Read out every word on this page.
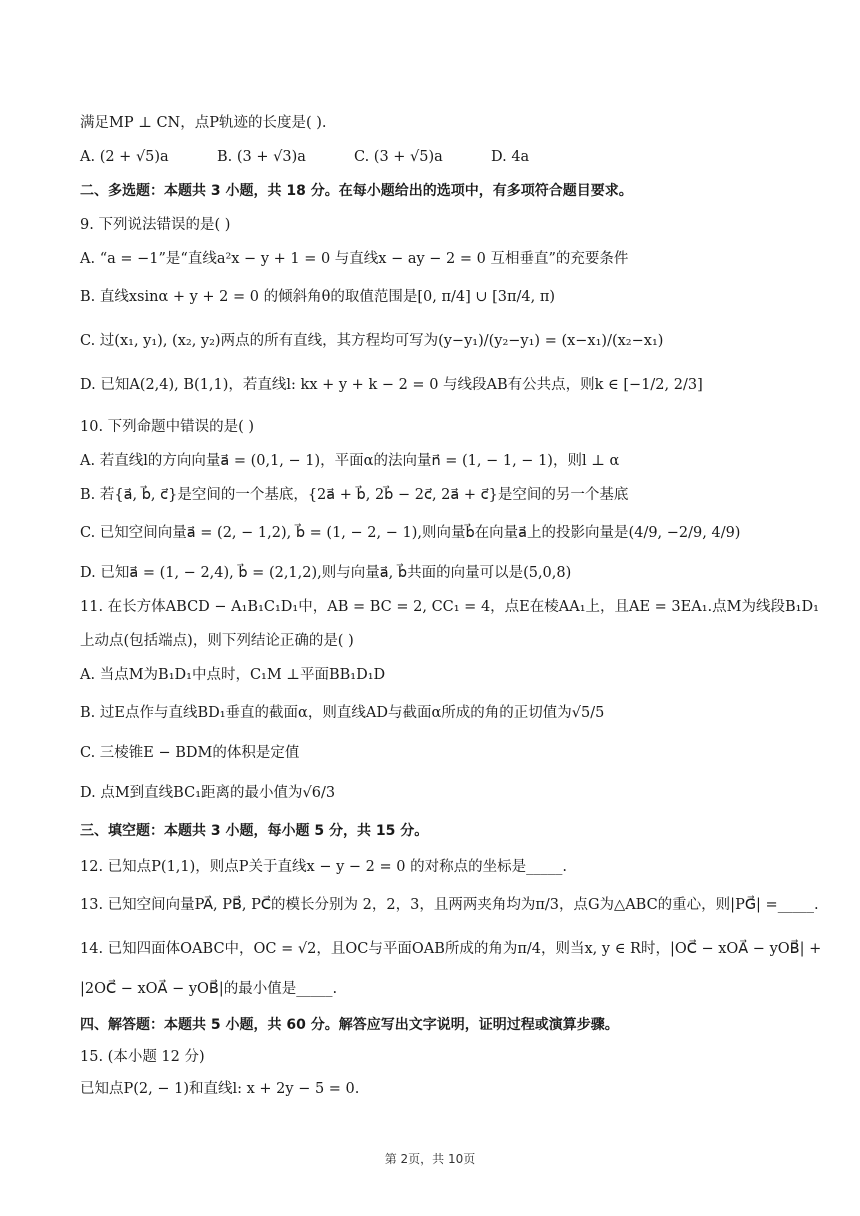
满足MP ⊥ CN，点P轨迹的长度是( ).
A. (2 + √5)a	B. (3 + √3)a	C. (3 + √5)a	D. 4a
二、多选题：本题共 3 小题，共 18 分。在每小题给出的选项中，有多项符合题目要求。
9. 下列说法错误的是( )
A. “a = −1”是“直线a²x − y + 1 = 0 与直线x − ay − 2 = 0 互相垂直”的充要条件
B. 直线xsinα + y + 2 = 0 的倾斜角θ的取值范围是[0, π/4] ∪ [3π/4, π)
C. 过(x₁, y₁), (x₂, y₂)两点的所有直线，其方程均可写为(y−y₁)/(y₂−y₁) = (x−x₁)/(x₂−x₁)
D. 已知A(2,4), B(1,1)，若直线l: kx + y + k − 2 = 0 与线段AB有公共点，则k ∈ [−1/2, 2/3]
10. 下列命题中错误的是( )
A. 若直线l的方向向量a⃗ = (0,1, − 1)，平面α的法向量n⃗ = (1, − 1, − 1)，则l ⊥ α
B. 若{a⃗, b⃗, c⃗}是空间的一个基底，{2a⃗ + b⃗, 2b⃗ − 2c⃗, 2a⃗ + c⃗}是空间的另一个基底
C. 已知空间向量a⃗ = (2, − 1,2), b⃗ = (1, − 2, − 1),则向量b⃗在向量a⃗上的投影向量是(4/9, −2/9, 4/9)
D. 已知a⃗ = (1, − 2,4), b⃗ = (2,1,2),则与向量a⃗, b⃗共面的向量可以是(5,0,8)
11. 在长方体ABCD − A₁B₁C₁D₁中，AB = BC = 2, CC₁ = 4，点E在棱AA₁上，且AE = 3EA₁.点M为线段B₁D₁
上动点(包括端点)，则下列结论正确的是( )
A. 当点M为B₁D₁中点时，C₁M ⊥平面BB₁D₁D
B. 过E点作与直线BD₁垂直的截面α，则直线AD与截面α所成的角的正切值为√5/5
C. 三棱锥E − BDM的体积是定值
D. 点M到直线BC₁距离的最小值为√6/3
三、填空题：本题共 3 小题，每小题 5 分，共 15 分。
12. 已知点P(1,1)，则点P关于直线x − y − 2 = 0 的对称点的坐标是_____.
13. 已知空间向量PA⃗, PB⃗, PC⃗的模长分别为 2，2，3，且两两夹角均为π/3，点G为△ABC的重心，则|PG⃗| =_____.
14. 已知四面体OABC中，OC = √2，且OC与平面OAB所成的角为π/4，则当x, y ∈ R时，|OC⃗ − xOA⃗ − yOB⃗| +
|2OC⃗ − xOA⃗ − yOB⃗|的最小值是_____.
四、解答题：本题共 5 小题，共 60 分。解答应写出文字说明，证明过程或演算步骤。
15. (本小题 12 分)
已知点P(2, − 1)和直线l: x + 2y − 5 = 0.
第 2页，共 10页
